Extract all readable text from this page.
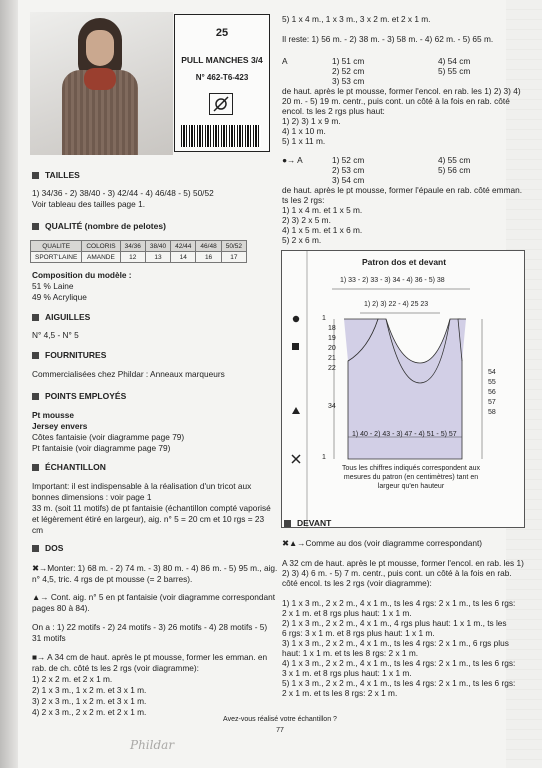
25
PULL MANCHES 3/4
N° 462-T6-423
TAILLES
1) 34/36 - 2) 38/40 - 3) 42/44 - 4) 46/48 - 5) 50/52
Voir tableau des tailles page 1.
QUALITÉ (nombre de pelotes)
QUALITE	COLORIS	34/36	38/40	42/44	46/48	50/52
SPORT'LAINE	AMANDE	12	13	14	16	17
Composition du modèle :
51 % Laine
49 % Acrylique
AIGUILLES
N° 4,5 - N° 5
FOURNITURES
Commercialisées chez Phildar : Anneaux marqueurs
POINTS EMPLOYÉS
Pt mousse
Jersey envers
Côtes fantaisie (voir diagramme page 79)
Pt fantaisie (voir diagramme page 79)
ÉCHANTILLON
Important: il est indispensable à la réalisation d'un tricot aux
bonnes dimensions : voir page 1
33 m. (soit 11 motifs) de pt fantaisie (échantillon compté vaporisé
et légèrement étiré en largeur), aig. n° 5 = 20 cm et 10 rgs = 23
cm
DOS
✖→Monter: 1) 68 m. - 2) 74 m. - 3) 80 m. - 4) 86 m. - 5) 95 m., aig.
n° 4,5, tric. 4 rgs de pt mousse (= 2 barres).
▲→ Cont. aig. n° 5 en pt fantaisie (voir diagramme correspondant
pages 80 à 84).
On a : 1) 22 motifs - 2) 24 motifs - 3) 26 motifs - 4) 28 motifs - 5)
31 motifs
■→ A 34 cm de haut. après le pt mousse, former les emman. en
rab. de ch. côté ts les 2 rgs (voir diagramme):
1) 2 x 2 m. et 2 x 1 m.
2) 1 x 3 m., 1 x 2 m. et 3 x 1 m.
3) 2 x 3 m., 1 x 2 m. et 3 x 1 m.
4) 2 x 3 m., 2 x 2 m. et 2 x 1 m.
5) 1 x 4 m., 1 x 3 m., 3 x 2 m. et 2 x 1 m.
Il reste: 1) 56 m. - 2) 38 m. - 3) 58 m. - 4) 62 m. - 5) 65 m.
A	1) 51 cm
2) 52 cm
3) 53 cm
4) 54 cm
5) 55 cm
de haut. après le pt mousse, former l'encol. en rab. les 1) 2) 3) 4)
20 m. - 5) 19 m. centr., puis cont. un côté à la fois en rab. côté
encol. ts les 2 rgs plus haut:
1) 2) 3) 1 x 9 m.
4) 1 x 10 m.
5) 1 x 11 m.
●→ A	1) 52 cm
2) 53 cm
3) 54 cm
4) 55 cm
5) 56 cm
de haut. après le pt mousse, former l'épaule en rab. côté emman.
ts les 2 rgs:
1) 1 x 4 m. et 1 x 5 m.
2) 3) 2 x 5 m.
4) 1 x 5 m. et 1 x 6 m.
5) 2 x 6 m.
Patron dos et devant
1) 33 - 2) 33 - 3) 34 - 4) 36 - 5) 38
1) 2) 3) 22 - 4) 25 23
1
18
19
20
21
22
54
55
56
57
58
34
1) 40 - 2) 43 - 3) 47 - 4) 51 - 5) 57
1
Tous les chiffres indiqués correspondent aux
mesures du patron (en centimètres) tant en
largeur qu'en hauteur
DEVANT
✖▲→Comme au dos (voir diagramme correspondant)
A 32 cm de haut. après le pt mousse, former l'encol. en rab. les 1)
2) 3) 4) 6 m. - 5) 7 m. centr., puis cont. un côté à la fois en rab.
côté encol. ts les 2 rgs (voir diagramme):
1) 1 x 3 m., 2 x 2 m., 4 x 1 m., ts les 4 rgs: 2 x 1 m., ts les 6 rgs:
2 x 1 m. et 8 rgs plus haut: 1 x 1 m.
2) 1 x 3 m., 2 x 2 m., 4 x 1 m., 4 rgs plus haut: 1 x 1 m., ts les
6 rgs: 3 x 1 m. et 8 rgs plus haut: 1 x 1 m.
3) 1 x 3 m., 2 x 2 m., 4 x 1 m., ts les 4 rgs: 2 x 1 m., 6 rgs plus
haut: 1 x 1 m. et ts les 8 rgs: 2 x 1 m.
4) 1 x 3 m., 2 x 2 m., 4 x 1 m., ts les 4 rgs: 2 x 1 m., ts les 6 rgs:
3 x 1 m. et 8 rgs plus haut: 1 x 1 m.
5) 1 x 3 m., 2 x 2 m., 4 x 1 m., ts les 4 rgs: 2 x 1 m., ts les 6 rgs:
2 x 1 m. et ts les 8 rgs: 2 x 1 m.
Avez-vous réalisé votre échantillon ?
77
Phildar
